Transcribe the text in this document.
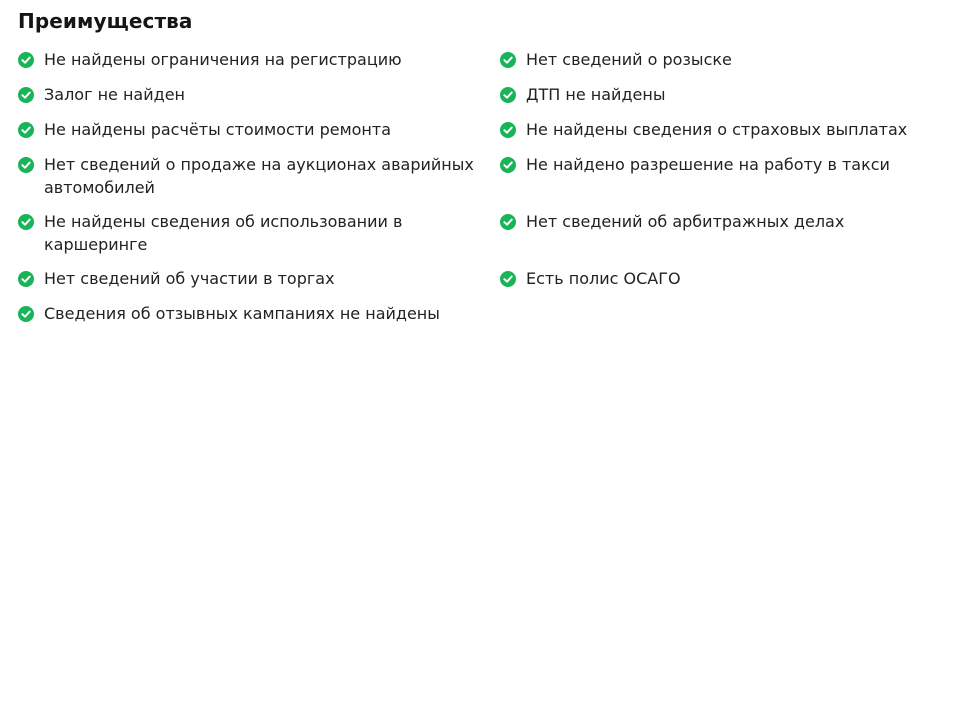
Преимущества
Не найдены ограничения на регистрацию
Залог не найден
Не найдены расчёты стоимости ремонта
Нет сведений о продаже на аукционах аварийных автомобилей
Не найдены сведения об использовании в каршеринге
Нет сведений об участии в торгах
Сведения об отзывных кампаниях не найдены
Нет сведений о розыске
ДТП не найдены
Не найдены сведения о страховых выплатах
Не найдено разрешение на работу в такси
Нет сведений об арбитражных делах
Есть полис ОСАГО
